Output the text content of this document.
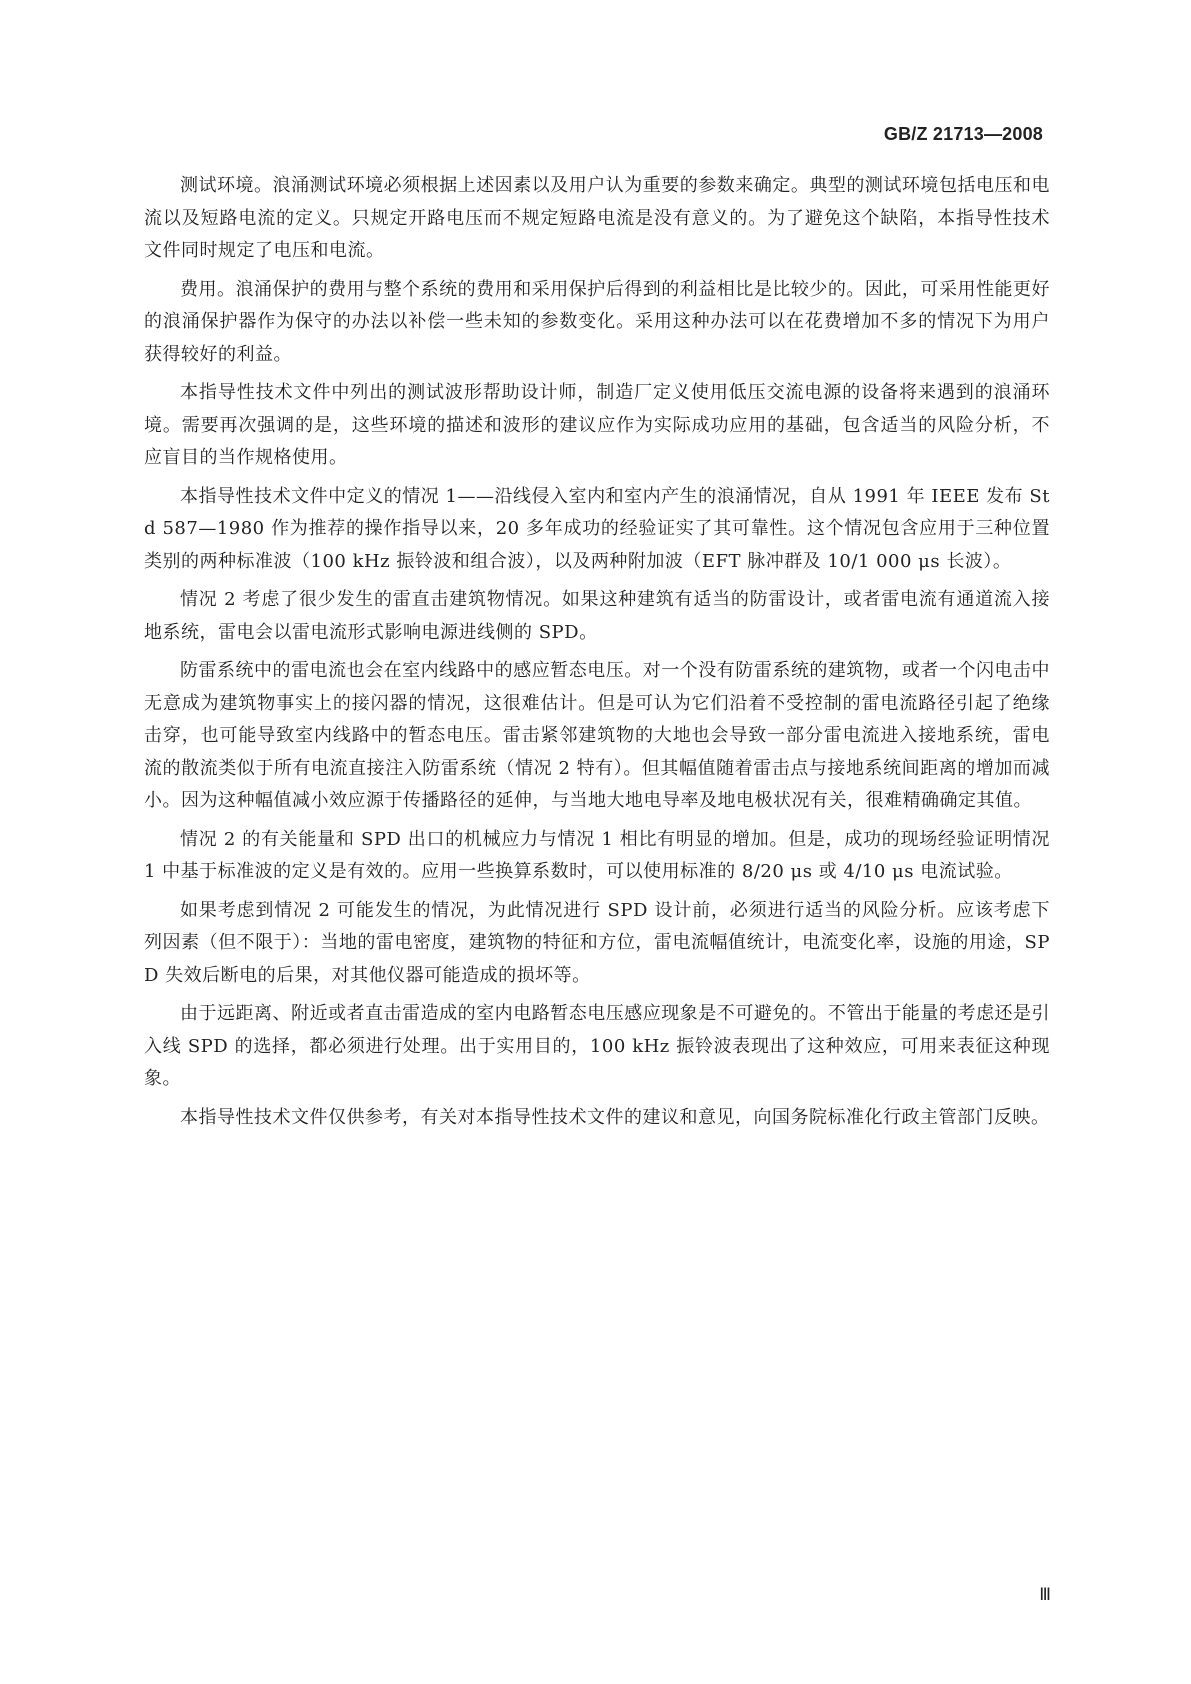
GB/Z 21713—2008

测试环境。浪涌测试环境必须根据上述因素以及用户认为重要的参数来确定。典型的测试环境包括电压和电流以及短路电流的定义。只规定开路电压而不规定短路电流是没有意义的。为了避免这个缺陷，本指导性技术文件同时规定了电压和电流。

费用。浪涌保护的费用与整个系统的费用和采用保护后得到的利益相比是比较少的。因此，可采用性能更好的浪涌保护器作为保守的办法以补偿一些未知的参数变化。采用这种办法可以在花费增加不多的情况下为用户获得较好的利益。

本指导性技术文件中列出的测试波形帮助设计师，制造厂定义使用低压交流电源的设备将来遇到的浪涌环境。需要再次强调的是，这些环境的描述和波形的建议应作为实际成功应用的基础，包含适当的风险分析，不应盲目的当作规格使用。

本指导性技术文件中定义的情况 1——沿线侵入室内和室内产生的浪涌情况，自从 1991 年 IEEE 发布 Std 587—1980 作为推荐的操作指导以来，20 多年成功的经验证实了其可靠性。这个情况包含应用于三种位置类别的两种标准波（100 kHz 振铃波和组合波），以及两种附加波（EFT 脉冲群及 10/1 000 μs 长波）。

情况 2 考虑了很少发生的雷直击建筑物情况。如果这种建筑有适当的防雷设计，或者雷电流有通道流入接地系统，雷电会以雷电流形式影响电源进线侧的 SPD。

防雷系统中的雷电流也会在室内线路中的感应暂态电压。对一个没有防雷系统的建筑物，或者一个闪电击中无意成为建筑物事实上的接闪器的情况，这很难估计。但是可认为它们沿着不受控制的雷电流路径引起了绝缘击穿，也可能导致室内线路中的暂态电压。雷击紧邻建筑物的大地也会导致一部分雷电流进入接地系统，雷电流的散流类似于所有电流直接注入防雷系统（情况 2 特有）。但其幅值随着雷击点与接地系统间距离的增加而减小。因为这种幅值减小效应源于传播路径的延伸，与当地大地电导率及地电极状况有关，很难精确确定其值。

情况 2 的有关能量和 SPD 出口的机械应力与情况 1 相比有明显的增加。但是，成功的现场经验证明情况 1 中基于标准波的定义是有效的。应用一些换算系数时，可以使用标准的 8/20 μs 或 4/10 μs 电流试验。

如果考虑到情况 2 可能发生的情况，为此情况进行 SPD 设计前，必须进行适当的风险分析。应该考虑下列因素（但不限于）：当地的雷电密度，建筑物的特征和方位，雷电流幅值统计，电流变化率，设施的用途，SPD 失效后断电的后果，对其他仪器可能造成的损坏等。

由于远距离、附近或者直击雷造成的室内电路暂态电压感应现象是不可避免的。不管出于能量的考虑还是引入线 SPD 的选择，都必须进行处理。出于实用目的，100 kHz 振铃波表现出了这种效应，可用来表征这种现象。

本指导性技术文件仅供参考，有关对本指导性技术文件的建议和意见，向国务院标准化行政主管部门反映。

Ⅲ
